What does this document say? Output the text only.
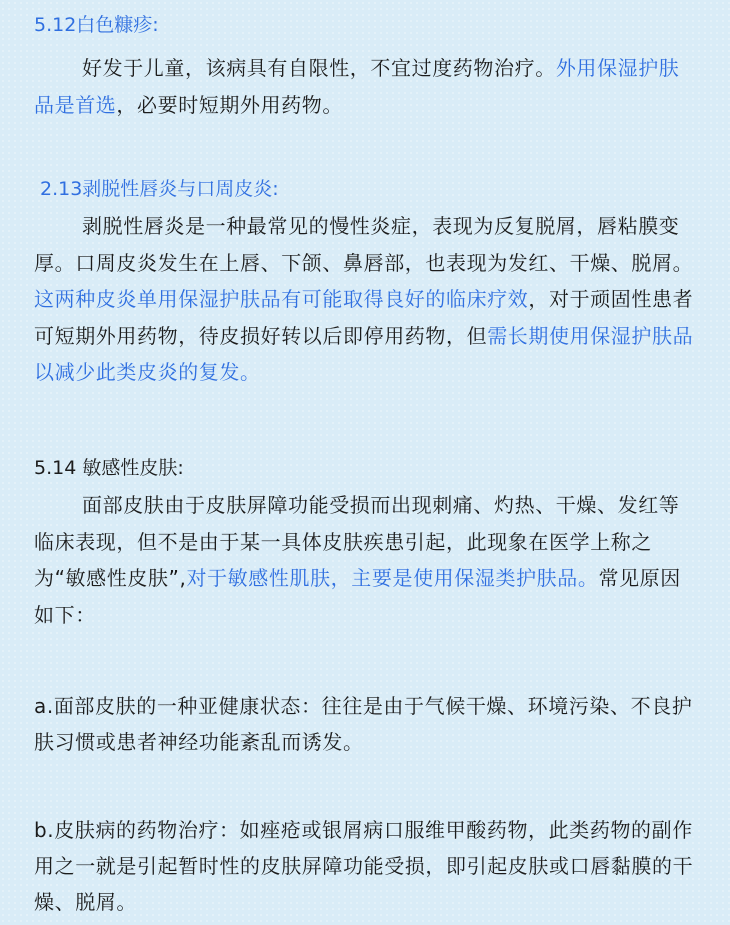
5.12白色糠疹:
好发于儿童，该病具有自限性，不宜过度药物治疗。外用保湿护肤品是首选，必要时短期外用药物。
2.13剥脱性唇炎与口周皮炎:
剥脱性唇炎是一种最常见的慢性炎症，表现为反复脱屑，唇粘膜变厚。口周皮炎发生在上唇、下颌、鼻唇部，也表现为发红、干燥、脱屑。这两种皮炎单用保湿护肤品有可能取得良好的临床疗效，对于顽固性患者可短期外用药物，待皮损好转以后即停用药物，但需长期使用保湿护肤品以减少此类皮炎的复发。
5.14 敏感性皮肤:
面部皮肤由于皮肤屏障功能受损而出现刺痛、灼热、干燥、发红等临床表现，但不是由于某一具体皮肤疾患引起，此现象在医学上称之为“敏感性皮肤”,对于敏感性肌肤，主要是使用保湿类护肤品。常见原因如下：
a.面部皮肤的一种亚健康状态：往往是由于气候干燥、环境污染、不良护肤习惯或患者神经功能紊乱而诱发。
b.皮肤病的药物治疗：如痤疮或银屑病口服维甲酸药物，此类药物的副作用之一就是引起暂时性的皮肤屏障功能受损，即引起皮肤或口唇黏膜的干燥、脱屑。
